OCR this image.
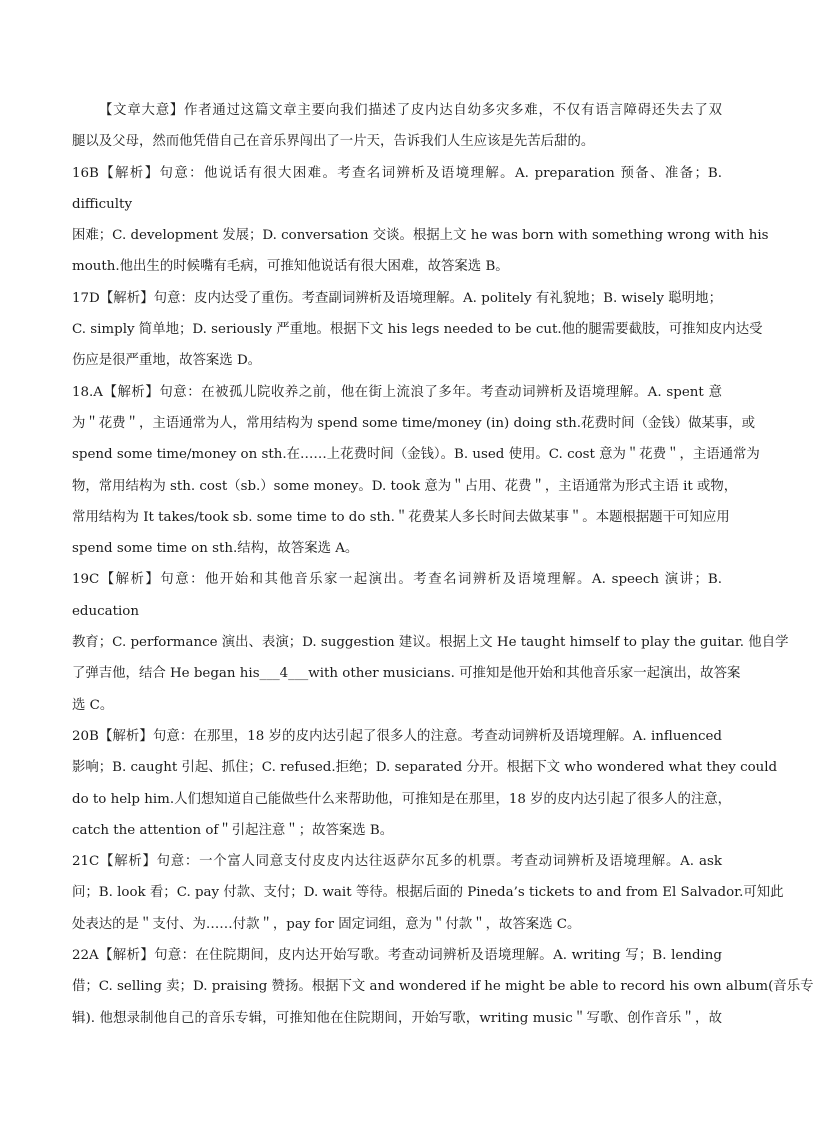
【文章大意】作者通过这篇文章主要向我们描述了皮内达自幼多灾多难，不仅有语言障碍还失去了双
腿以及父母，然而他凭借自己在音乐界闯出了一片天，告诉我们人生应该是先苦后甜的。
16B【解析】句意：他说话有很大困难。考查名词辨析及语境理解。A. preparation 预备、准备；B.
difficulty
困难；C. development 发展；D. conversation 交谈。根据上文 he was born with something wrong with his
mouth.他出生的时候嘴有毛病，可推知他说话有很大困难，故答案选 B。
17D【解析】句意：皮内达受了重伤。考查副词辨析及语境理解。A. politely 有礼貌地；B. wisely 聪明地；
C. simply 简单地；D. seriously 严重地。根据下文 his legs needed to be cut.他的腿需要截肢，可推知皮内达受
伤应是很严重地，故答案选 D。
18.A【解析】句意：在被孤儿院收养之前，他在街上流浪了多年。考查动词辨析及语境理解。A. spent 意
为＂花费＂，主语通常为人，常用结构为 spend some time/money (in) doing sth.花费时间（金钱）做某事，或
spend some time/money on sth.在……上花费时间（金钱）。B. used 使用。C. cost 意为＂花费＂，主语通常为
物，常用结构为 sth. cost（sb.）some money。D. took 意为＂占用、花费＂，主语通常为形式主语 it 或物，
常用结构为 It takes/took sb. some time to do sth.＂花费某人多长时间去做某事＂。本题根据题干可知应用
spend some time on sth.结构，故答案选 A。
19C【解析】句意：他开始和其他音乐家一起演出。考查名词辨析及语境理解。A. speech 演讲；B.
education
教育；C. performance 演出、表演；D. suggestion 建议。根据上文 He taught himself to play the guitar. 他自学
了弹吉他，结合 He began his___4___with other musicians. 可推知是他开始和其他音乐家一起演出，故答案
选 C。
20B【解析】句意：在那里，18 岁的皮内达引起了很多人的注意。考查动词辨析及语境理解。A. influenced
影响；B. caught 引起、抓住；C. refused.拒绝；D. separated 分开。根据下文 who wondered what they could
do to help him.人们想知道自己能做些什么来帮助他，可推知是在那里，18 岁的皮内达引起了很多人的注意，
catch the attention of＂引起注意＂；故答案选 B。
21C【解析】句意：一个富人同意支付皮皮内达往返萨尔瓦多的机票。考查动词辨析及语境理解。A. ask
问；B. look 看；C. pay 付款、支付；D. wait 等待。根据后面的 Pineda’s tickets to and from El Salvador.可知此
处表达的是＂支付、为……付款＂，pay for 固定词组，意为＂付款＂，故答案选 C。
22A【解析】句意：在住院期间，皮内达开始写歌。考查动词辨析及语境理解。A. writing 写；B. lending
借；C. selling 卖；D. praising 赞扬。根据下文 and wondered if he might be able to record his own album(音乐专
辑). 他想录制他自己的音乐专辑，可推知他在住院期间，开始写歌，writing music＂写歌、创作音乐＂，故
